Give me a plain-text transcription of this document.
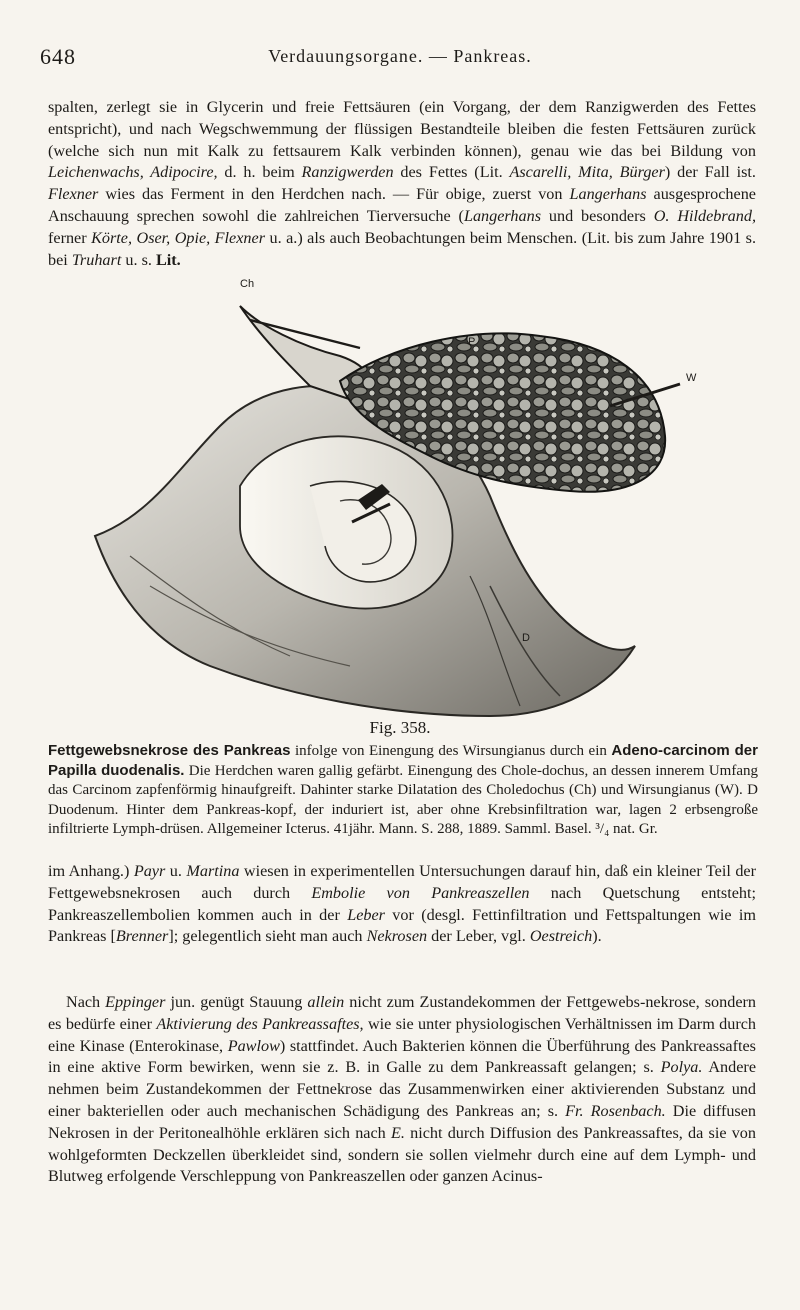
648	Verdauungsorgane. — Pankreas.
spalten, zerlegt sie in Glycerin und freie Fettsäuren (ein Vorgang, der dem Ranzigwerden des Fettes entspricht), und nach Wegschwemmung der flüssigen Bestandteile bleiben die festen Fettsäuren zurück (welche sich nun mit Kalk zu fettsaurem Kalk verbinden können), genau wie das bei Bildung von Leichenwachs, Adipocire, d. h. beim Ranzigwerden des Fettes (Lit. Ascarelli, Mita, Bürger) der Fall ist. Flexner wies das Ferment in den Herdchen nach. — Für obige, zuerst von Langerhans ausgesprochene Anschauung sprechen sowohl die zahlreichen Tierversuche (Langerhans und besonders O. Hildebrand, ferner Körte, Oser, Opie, Flexner u. a.) als auch Beobachtungen beim Menschen. (Lit. bis zum Jahre 1901 s. bei Truhart u. s. Lit.
Ch
P
W
D
Fig. 358.
Fettgewebsnekrose des Pankreas infolge von Einengung des Wirsungianus durch ein Adeno-carcinom der Papilla duodenalis. Die Herdchen waren gallig gefärbt. Einengung des Chole-dochus, an dessen innerem Umfang das Carcinom zapfenförmig hinaufgreift. Dahinter starke Dilatation des Choledochus (Ch) und Wirsungianus (W). D Duodenum. Hinter dem Pankreas-kopf, der induriert ist, aber ohne Krebsinfiltration war, lagen 2 erbsengroße infiltrierte Lymph-drüsen. Allgemeiner Icterus. 41jähr. Mann. S. 288, 1889. Samml. Basel. ³/₄ nat. Gr.
im Anhang.) Payr u. Martina wiesen in experimentellen Untersuchungen darauf hin, daß ein kleiner Teil der Fettgewebsnekrosen auch durch Embolie von Pankreaszellen nach Quetschung entsteht; Pankreaszellembolien kommen auch in der Leber vor (desgl. Fettinfiltration und Fettspaltungen wie im Pankreas [Brenner]; gelegentlich sieht man auch Nekrosen der Leber, vgl. Oestreich).
Nach Eppinger jun. genügt Stauung allein nicht zum Zustandekommen der Fettgewebs-nekrose, sondern es bedürfe einer Aktivierung des Pankreassaftes, wie sie unter physiologischen Verhältnissen im Darm durch eine Kinase (Enterokinase, Pawlow) stattfindet. Auch Bakterien können die Überführung des Pankreassaftes in eine aktive Form bewirken, wenn sie z. B. in Galle zu dem Pankreassaft gelangen; s. Polya. Andere nehmen beim Zustandekommen der Fettnekrose das Zusammenwirken einer aktivierenden Substanz und einer bakteriellen oder auch mechanischen Schädigung des Pankreas an; s. Fr. Rosenbach. Die diffusen Nekrosen in der Peritonealhöhle erklären sich nach E. nicht durch Diffusion des Pankreassaftes, da sie von wohlgeformten Deckzellen überkleidet sind, sondern sie sollen vielmehr durch eine auf dem Lymph- und Blutweg erfolgende Verschleppung von Pankreaszellen oder ganzen Acinus-
